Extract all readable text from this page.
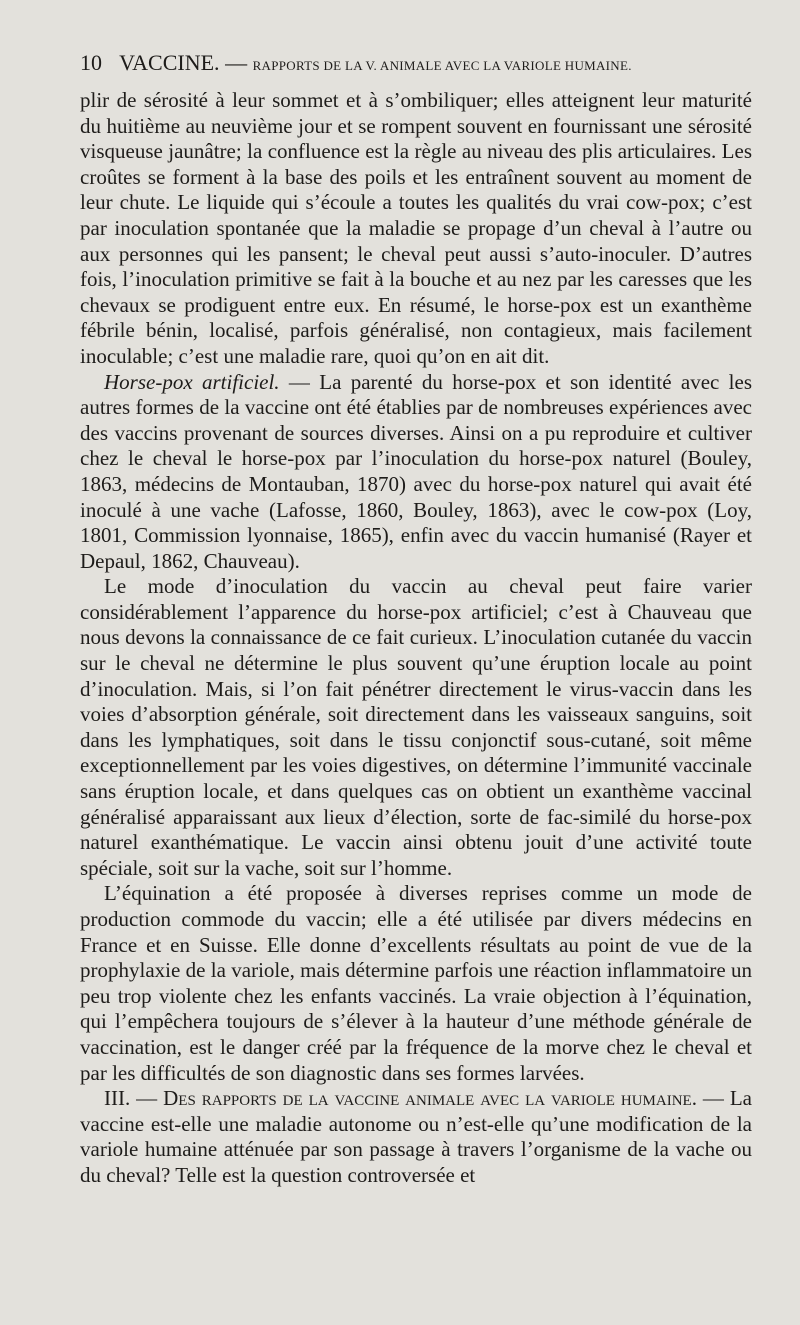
10 VACCINE. — RAPPORTS DE LA V. ANIMALE AVEC LA VARIOLE HUMAINE.

plir de sérosité à leur sommet et à s’ombiliquer; elles atteignent leur maturité du huitième au neuvième jour et se rompent souvent en fournissant une sérosité visqueuse jaunâtre; la confluence est la règle au niveau des plis articulaires. Les croûtes se forment à la base des poils et les entraînent souvent au moment de leur chute. Le liquide qui s’écoule a toutes les qualités du vrai cow-pox; c’est par inoculation spontanée que la maladie se propage d’un cheval à l’autre ou aux personnes qui les pansent; le cheval peut aussi s’auto-inoculer. D’autres fois, l’inoculation primitive se fait à la bouche et au nez par les caresses que les chevaux se prodiguent entre eux. En résumé, le horse-pox est un exanthème fébrile bénin, localisé, parfois généralisé, non contagieux, mais facilement inoculable; c’est une maladie rare, quoi qu’on en ait dit.

Horse-pox artificiel. — La parenté du horse-pox et son identité avec les autres formes de la vaccine ont été établies par de nombreuses expériences avec des vaccins provenant de sources diverses. Ainsi on a pu reproduire et cultiver chez le cheval le horse-pox par l’inoculation du horse-pox naturel (Bouley, 1863, médecins de Montauban, 1870) avec du horse-pox naturel qui avait été inoculé à une vache (Lafosse, 1860, Bouley, 1863), avec le cow-pox (Loy, 1801, Commission lyonnaise, 1865), enfin avec du vaccin humanisé (Rayer et Depaul, 1862, Chauveau).

Le mode d’inoculation du vaccin au cheval peut faire varier considérablement l’apparence du horse-pox artificiel; c’est à Chauveau que nous devons la connaissance de ce fait curieux. L’inoculation cutanée du vaccin sur le cheval ne détermine le plus souvent qu’une éruption locale au point d’inoculation. Mais, si l’on fait pénétrer directement le virus-vaccin dans les voies d’absorption générale, soit directement dans les vaisseaux sanguins, soit dans les lymphatiques, soit dans le tissu conjonctif sous-cutané, soit même exceptionnellement par les voies digestives, on détermine l’immunité vaccinale sans éruption locale, et dans quelques cas on obtient un exanthème vaccinal généralisé apparaissant aux lieux d’élection, sorte de fac-similé du horse-pox naturel exanthématique. Le vaccin ainsi obtenu jouit d’une activité toute spéciale, soit sur la vache, soit sur l’homme.

L’équination a été proposée à diverses reprises comme un mode de production commode du vaccin; elle a été utilisée par divers médecins en France et en Suisse. Elle donne d’excellents résultats au point de vue de la prophylaxie de la variole, mais détermine parfois une réaction inflammatoire un peu trop violente chez les enfants vaccinés. La vraie objection à l’équination, qui l’empêchera toujours de s’élever à la hauteur d’une méthode générale de vaccination, est le danger créé par la fréquence de la morve chez le cheval et par les difficultés de son diagnostic dans ses formes larvées.

III. — Des rapports de la vaccine animale avec la variole humaine. — La vaccine est-elle une maladie autonome ou n’est-elle qu’une modification de la variole humaine atténuée par son passage à travers l’organisme de la vache ou du cheval? Telle est la question controversée et
